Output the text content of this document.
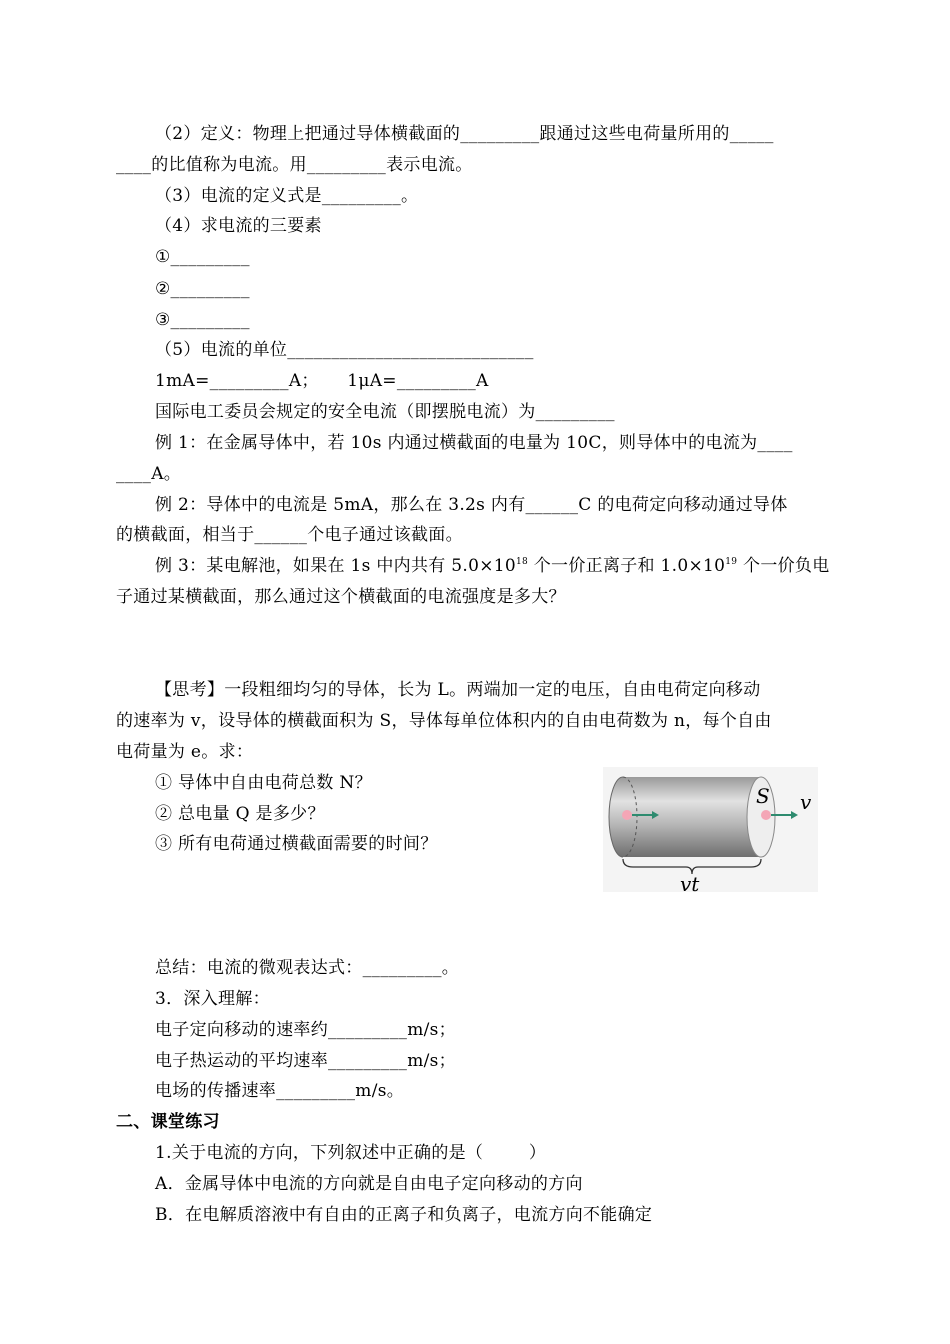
（2）定义：物理上把通过导体横截面的_________跟通过这些电荷量所用的_____
____的比值称为电流。用_________表示电流。
（3）电流的定义式是_________。
（4）求电流的三要素
①_________
②_________
③_________
（5）电流的单位____________________________
1mA=_________A；     1μA=_________A
国际电工委员会规定的安全电流（即摆脱电流）为_________
例 1：在金属导体中，若 10s 内通过横截面的电量为 10C，则导体中的电流为____
____A。
例 2：导体中的电流是 5mA，那么在 3.2s 内有______C 的电荷定向移动通过导体
的横截面，相当于______个电子通过该截面。
例 3：某电解池，如果在 1s 中内共有 $5.0\times 10^{18}$ 个一价正离子和 $1.0\times 10^{19}$ 个一价负电
子通过某横截面，那么通过这个横截面的电流强度是多大？
【思考】一段粗细均匀的导体，长为 L。两端加一定的电压，自由电荷定向移动
的速率为 v，设导体的横截面积为 S，导体每单位体积内的自由电荷数为 n，每个自由
电荷量为 e。求：
① 导体中自由电荷总数 N？
② 总电量 Q 是多少？
③ 所有电荷通过横截面需要的时间？
S v
vt
总结：电流的微观表达式：_________。
3．深入理解：
电子定向移动的速率约_________m/s；
电子热运动的平均速率_________m/s；
电场的传播速率_________m/s。
二、课堂练习
1.关于电流的方向，下列叙述中正确的是（        ）
A．金属导体中电流的方向就是自由电子定向移动的方向
B．在电解质溶液中有自由的正离子和负离子，电流方向不能确定
